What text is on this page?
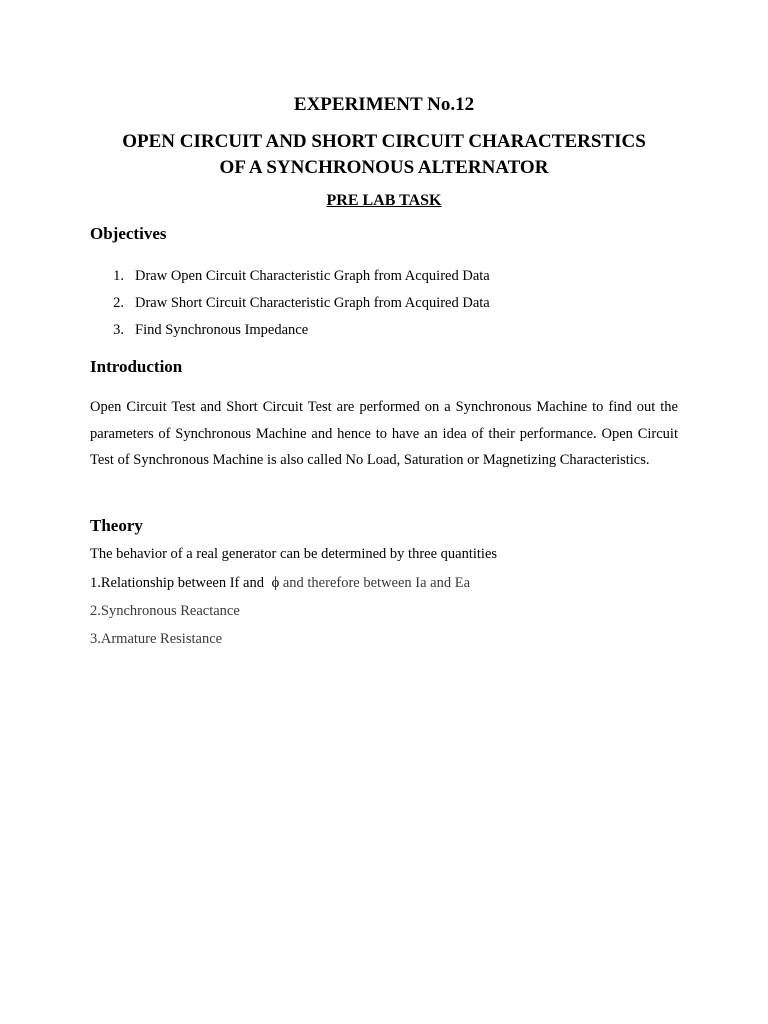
EXPERIMENT No.12
OPEN CIRCUIT AND SHORT CIRCUIT CHARACTERSTICS
OF A SYNCHRONOUS ALTERNATOR
PRE LAB TASK
Objectives
1. Draw Open Circuit Characteristic Graph from Acquired Data
2. Draw Short Circuit Characteristic Graph from Acquired Data
3. Find Synchronous Impedance
Introduction

Open Circuit Test and Short Circuit Test are performed on a Synchronous Machine to find out the parameters of Synchronous Machine and hence to have an idea of their performance. Open Circuit Test of Synchronous Machine is also called No Load, Saturation or Magnetizing Characteristics.

Theory

The behavior of a real generator can be determined by three quantities

1.Relationship between If and ϕ and therefore between Ia and Ea

2.Synchronous Reactance

3.Armature Resistance
